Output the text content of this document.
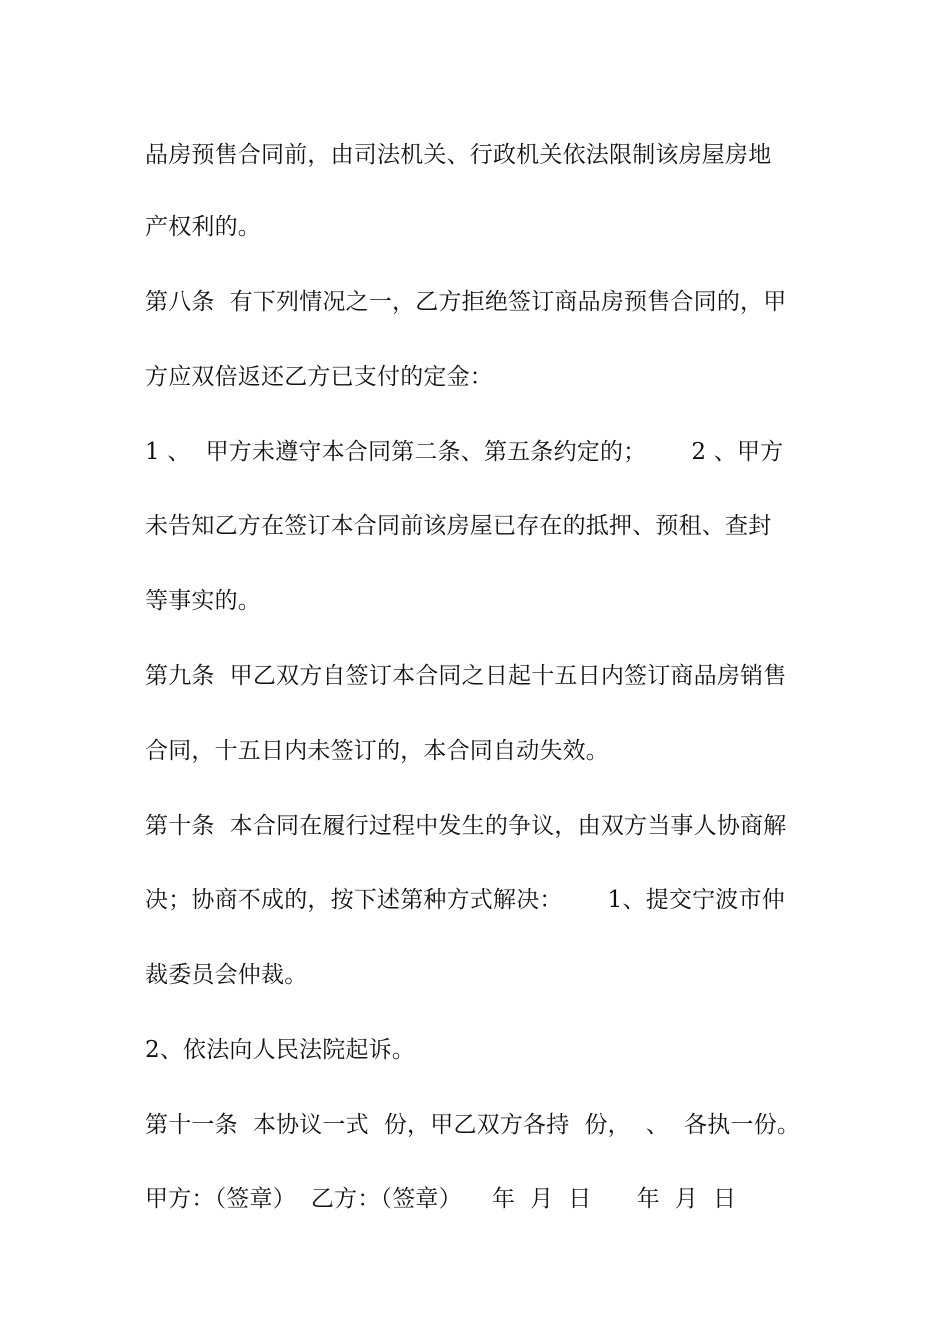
品房预售合同前，由司法机关、行政机关依法限制该房屋房地
产权利的。
第八条  有下列情况之一，乙方拒绝签订商品房预售合同的，甲
方应双倍返还乙方已支付的定金：
1 、  甲方未遵守本合同第二条、第五条约定的；      2 、甲方
未告知乙方在签订本合同前该房屋已存在的抵押、预租、查封
等事实的。
第九条  甲乙双方自签订本合同之日起十五日内签订商品房销售
合同，十五日内未签订的，本合同自动失效。
第十条  本合同在履行过程中发生的争议，由双方当事人协商解
决；协商不成的，按下述第种方式解决：      1、提交宁波市仲
裁委员会仲裁。
2、依法向人民法院起诉。
第十一条  本协议一式  份，甲乙双方各持  份，  、  各执一份。
甲方：（签章）  乙方：（签章）    年  月  日      年  月  日
